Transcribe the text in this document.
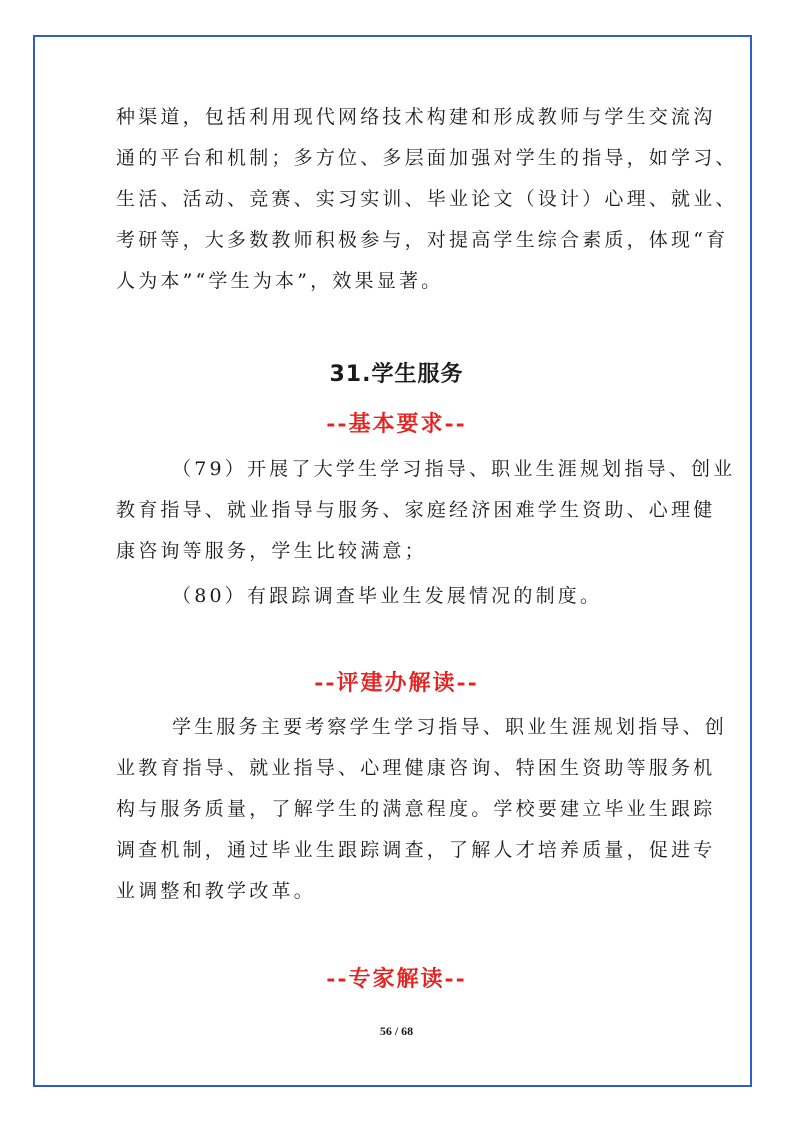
种渠道，包括利用现代网络技术构建和形成教师与学生交流沟
通的平台和机制；多方位、多层面加强对学生的指导，如学习、
生活、活动、竞赛、实习实训、毕业论文（设计）心理、就业、
考研等，大多数教师积极参与，对提高学生综合素质，体现“育
人为本”“学生为本”，效果显著。
31.学生服务
--基本要求--
（79）开展了大学生学习指导、职业生涯规划指导、创业
教育指导、就业指导与服务、家庭经济困难学生资助、心理健
康咨询等服务，学生比较满意；
（80）有跟踪调查毕业生发展情况的制度。
--评建办解读--
学生服务主要考察学生学习指导、职业生涯规划指导、创
业教育指导、就业指导、心理健康咨询、特困生资助等服务机
构与服务质量，了解学生的满意程度。学校要建立毕业生跟踪
调查机制，通过毕业生跟踪调查，了解人才培养质量，促进专
业调整和教学改革。
--专家解读--

56 / 68
